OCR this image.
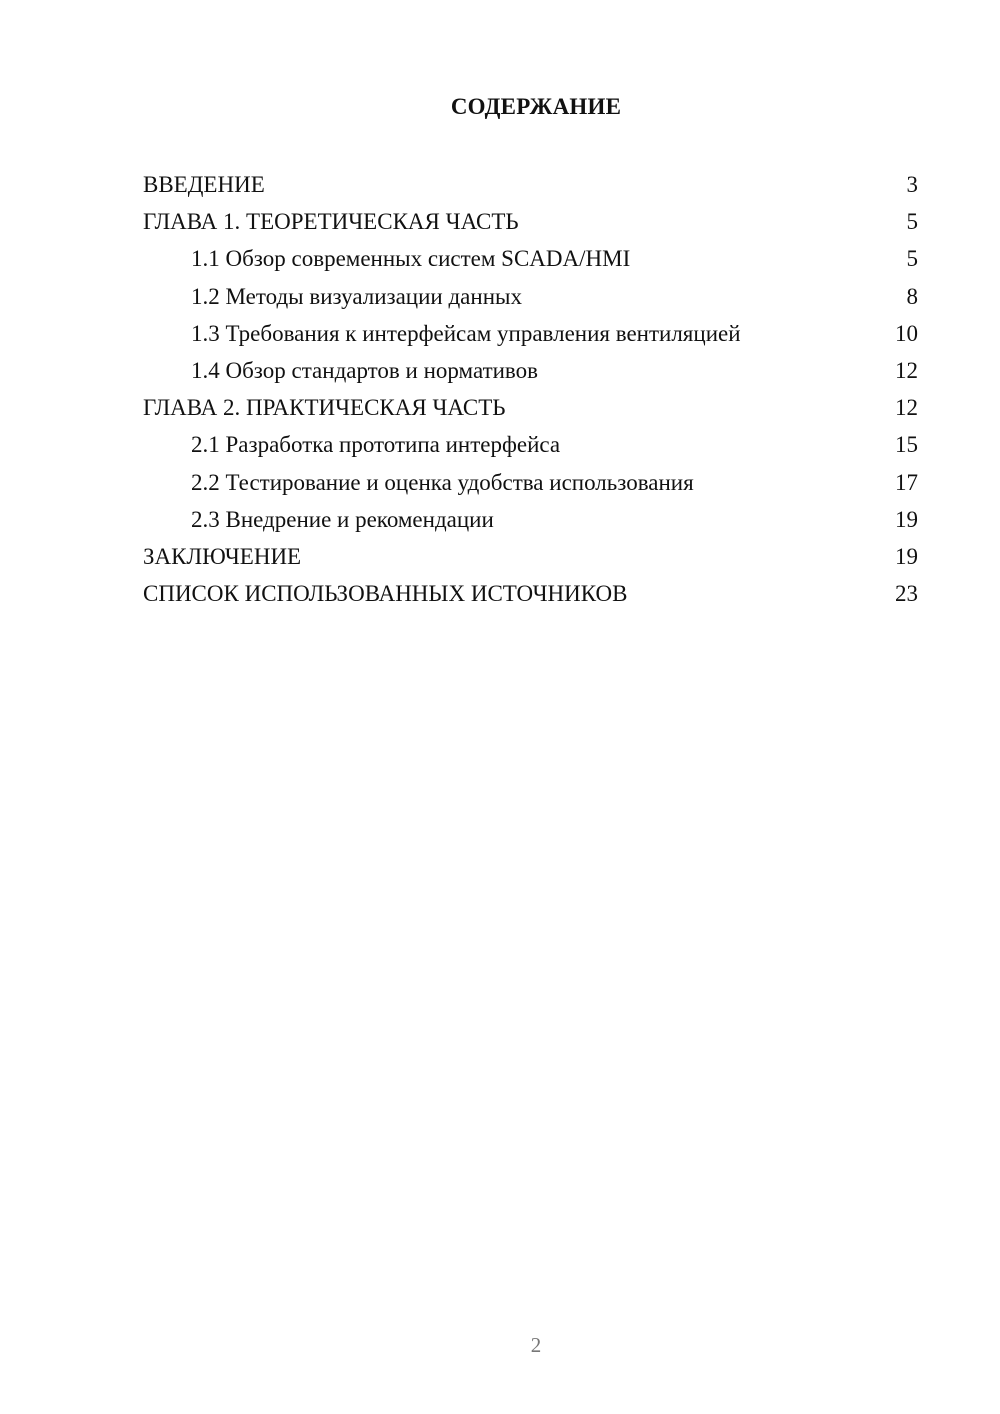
СОДЕРЖАНИЕ
ВВЕДЕНИЕ	3
ГЛАВА 1. ТЕОРЕТИЧЕСКАЯ ЧАСТЬ	5
1.1 Обзор современных систем SCADA/HMI	5
1.2 Методы визуализации данных	8
1.3 Требования к интерфейсам управления вентиляцией	10
1.4 Обзор стандартов и нормативов	12
ГЛАВА 2. ПРАКТИЧЕСКАЯ ЧАСТЬ	12
2.1 Разработка прототипа интерфейса	15
2.2 Тестирование и оценка удобства использования	17
2.3 Внедрение и рекомендации	19
ЗАКЛЮЧЕНИЕ	19
СПИСОК ИСПОЛЬЗОВАННЫХ ИСТОЧНИКОВ	23
2
